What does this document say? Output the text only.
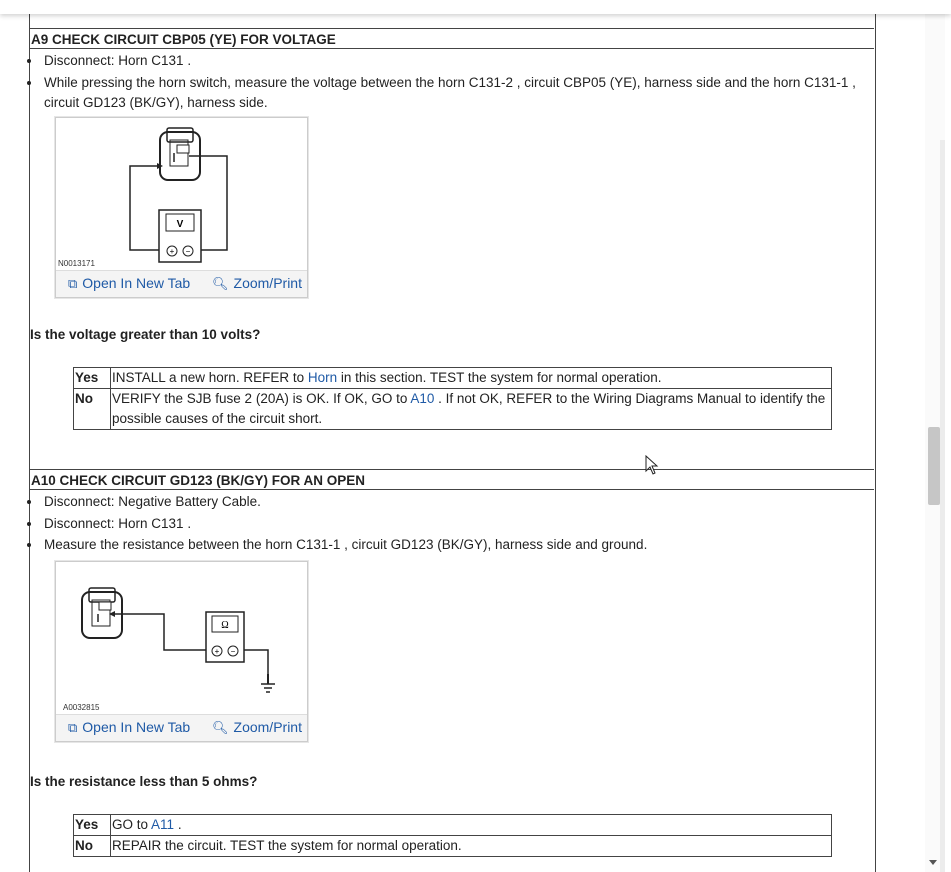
A9 CHECK CIRCUIT CBP05 (YE) FOR VOLTAGE
Disconnect: Horn C131 .
While pressing the horn switch, measure the voltage between the horn C131-2 , circuit CBP05 (YE), harness side and the horn C131-1 , circuit GD123 (BK/GY), harness side.
V
+ −
N0013171
⧉ Open In New Tab 🔍︎ Zoom/Print
Is the voltage greater than 10 volts?
Yes	INSTALL a new horn. REFER to Horn in this section. TEST the system for normal operation.
No	VERIFY the SJB fuse 2 (20A) is OK. If OK, GO to A10 . If not OK, REFER to the Wiring Diagrams Manual to identify the possible causes of the circuit short.
A10 CHECK CIRCUIT GD123 (BK/GY) FOR AN OPEN
Disconnect: Negative Battery Cable.
Disconnect: Horn C131 .
Measure the resistance between the horn C131-1 , circuit GD123 (BK/GY), harness side and ground.
Ω
+ −
A0032815
⧉ Open In New Tab 🔍︎ Zoom/Print
Is the resistance less than 5 ohms?
Yes	GO to A11 .
No	REPAIR the circuit. TEST the system for normal operation.
